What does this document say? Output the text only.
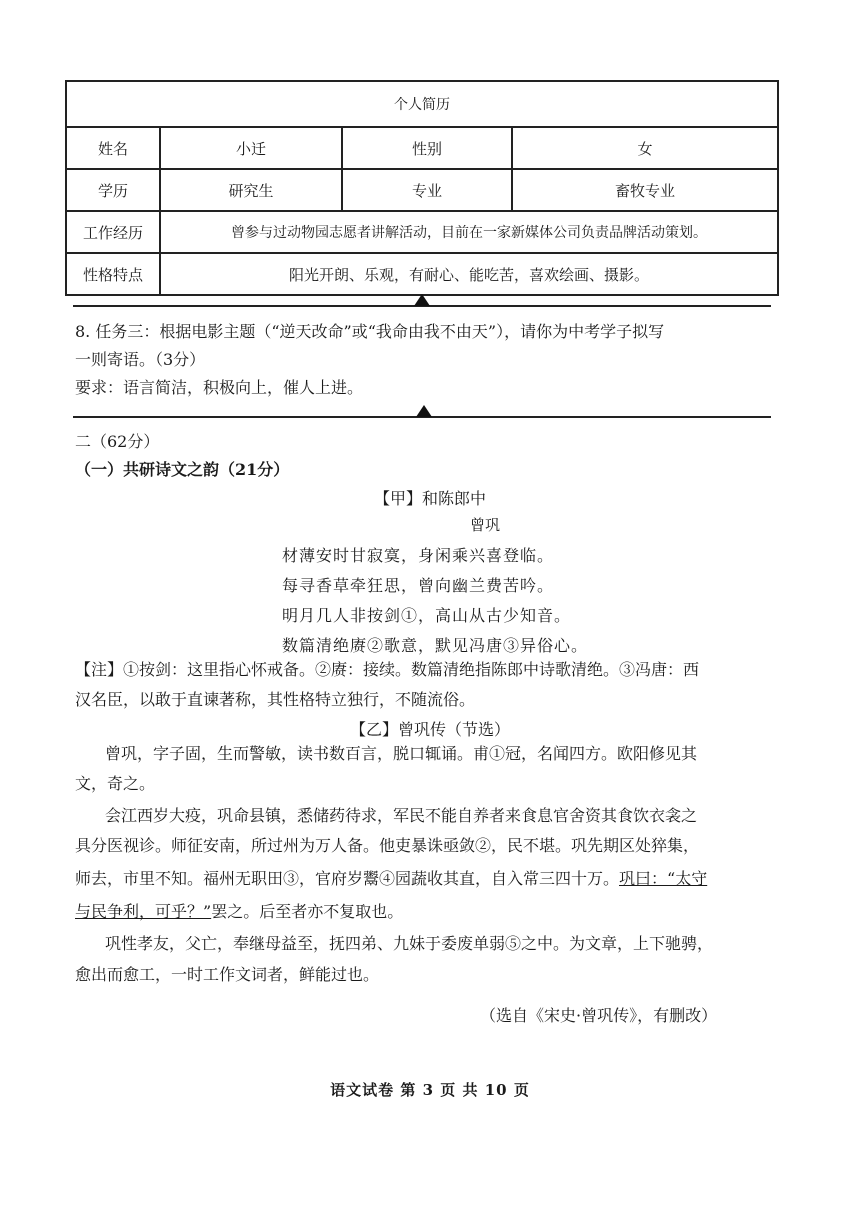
个人简历			
姓名	小迁	性别	女
学历	研究生	专业	畜牧专业
工作经历	曾参与过动物园志愿者讲解活动，目前在一家新媒体公司负责品牌活动策划。		
性格特点	阳光开朗、乐观，有耐心、能吃苦，喜欢绘画、摄影。		
8. 任务三：根据电影主题（“逆天改命”或“我命由我不由天”），请你为中考学子拟写
一则寄语。（3分）
要求：语言简洁，积极向上，催人上进。
二（62分）
（一）共研诗文之韵（21分）
【甲】和陈郎中
曾巩
材薄安时甘寂寞，身闲乘兴喜登临。
每寻香草牵狂思，曾向幽兰费苦吟。
明月几人非按剑①，高山从古少知音。
数篇清绝赓②歌意，默见冯唐③异俗心。
【注】①按剑：这里指心怀戒备。②赓：接续。数篇清绝指陈郎中诗歌清绝。③冯唐：西
汉名臣，以敢于直谏著称，其性格特立独行，不随流俗。
【乙】曾巩传（节选）
曾巩，字子固，生而警敏，读书数百言，脱口辄诵。甫①冠，名闻四方。欧阳修见其
文，奇之。
会江西岁大疫，巩命县镇，悉储药待求，军民不能自养者来食息官舍资其食饮衣衾之
具分医视诊。师征安南，所过州为万人备。他吏暴诛亟敛②，民不堪。巩先期区处猝集，
师去，市里不知。福州无职田③，官府岁鬻④园蔬收其直，自入常三四十万。巩曰：“太守
与民争利，可乎？”罢之。后至者亦不复取也。
巩性孝友，父亡，奉继母益至，抚四弟、九妹于委废单弱⑤之中。为文章，上下驰骋，
愈出而愈工，一时工作文词者，鲜能过也。
（选自《宋史·曾巩传》，有删改）
语文试卷 第 3 页 共 10 页
